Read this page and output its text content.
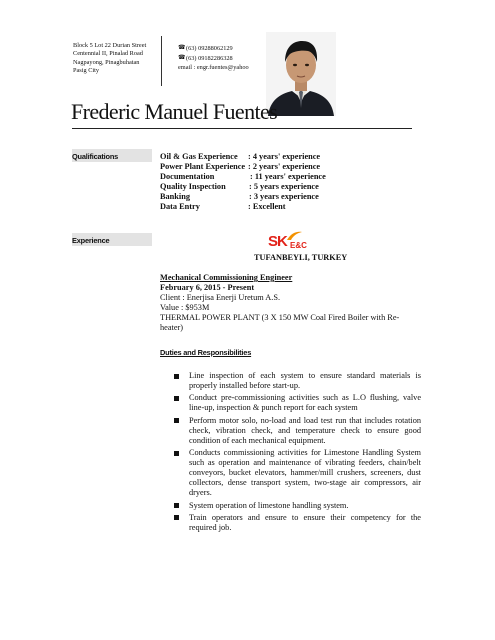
Block 5 Lot 22 Durian Street
Centennial II, Pinalad Road
Nagpayong, Pinagbuhatan
Pasig City
☎ (63) 09288062129
☎ (63) 09182286328
email : engr.fuentes@yahoo
Frederic Manuel Fuentes
Qualifications	Oil & Gas Experience	: 4 years' experience
Power Plant Experience : 2 years' experience
Documentation	: 11 years' experience
Quality Inspection	: 5 years experience
Banking	: 3 years experience
Data Entry	: Excellent
Experience	SK E&C
TUFANBEYLI, TURKEY
Mechanical Commissioning Engineer
February 6, 2015 - Present
Client : Enerjisa Enerji Uretum A.S.
Value : $953M
THERMAL POWER PLANT (3 X 150 MW Coal Fired Boiler with Re-heater)
Duties and Responsibilities
Line inspection of each system to ensure standard materials is properly installed before start-up.
Conduct pre-commissioning activities such as L.O flushing, valve line-up, inspection & punch report for each system
Perform motor solo, no-load and load test run that includes rotation check, vibration check, and temperature check to ensure good condition of each mechanical equipment.
Conducts commissioning activities for Limestone Handling System such as operation and maintenance of vibrating feeders, chain/belt conveyors, bucket elevators, hammer/mill crushers, screeners, dust collectors, dense transport system, two-stage air compressors, air dryers.
System operation of limestone handling system.
Train operators and ensure to ensure their competency for the required job.
